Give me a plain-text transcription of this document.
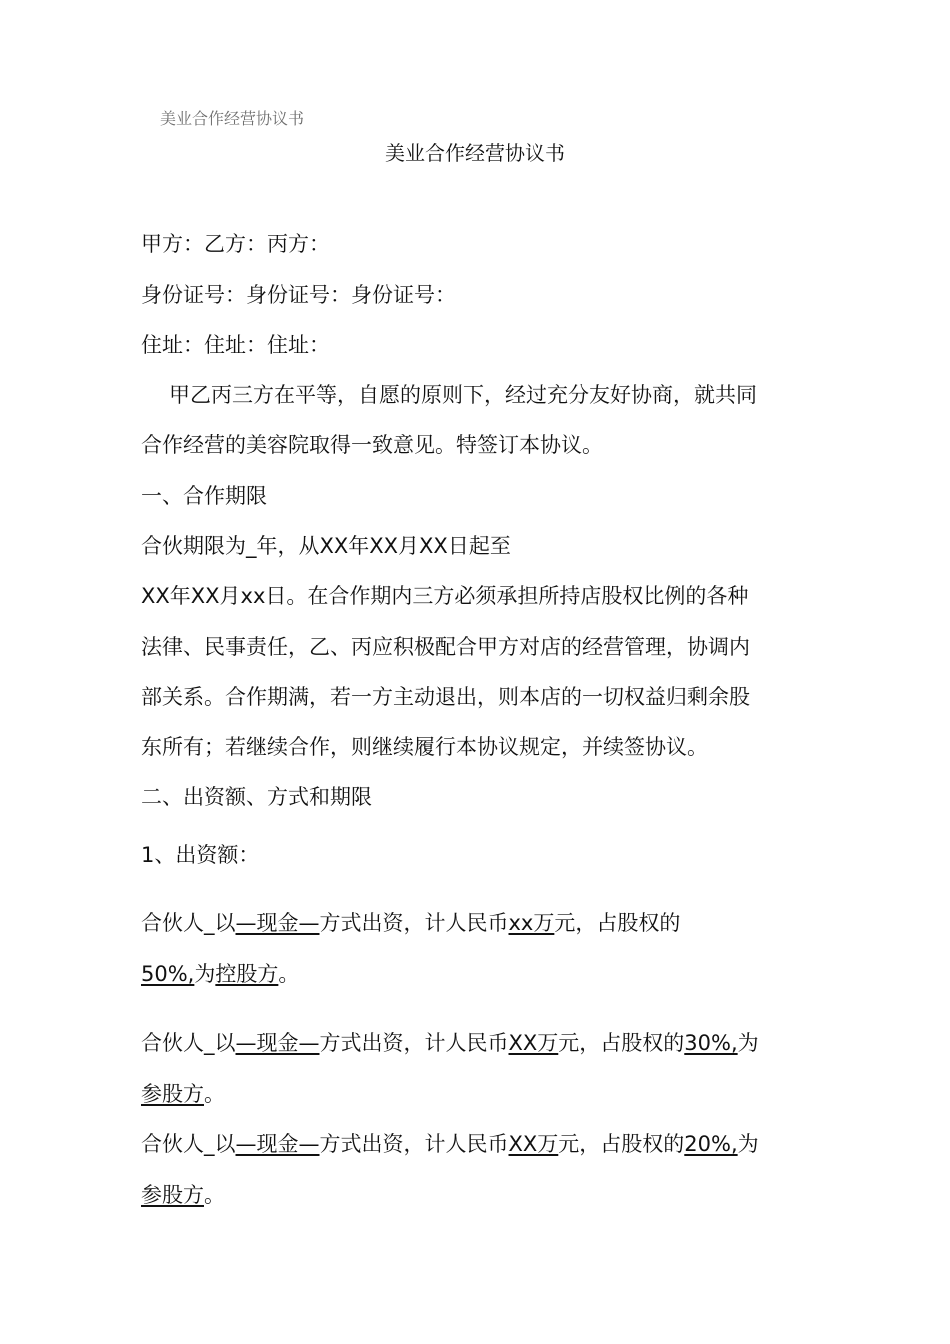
美业合作经营协议书
美业合作经营协议书
甲方：乙方：丙方：
身份证号：身份证号：身份证号：
住址：住址：住址：
甲乙丙三方在平等，自愿的原则下，经过充分友好协商，就共同
合作经营的美容院取得一致意见。特签订本协议。
一、合作期限
合伙期限为_年，从XX年XX月XX日起至
XX年XX月xx日。在合作期内三方必须承担所持店股权比例的各种
法律、民事责任，乙、丙应积极配合甲方对店的经营管理，协调内
部关系。合作期满，若一方主动退出，则本店的一切权益归剩余股
东所有；若继续合作，则继续履行本协议规定，并续签协议。
二、出资额、方式和期限
1、出资额：
合伙人_以—现金—方式出资，计人民币xx万元，占股权的
50%,为控股方。
合伙人_以—现金—方式出资，计人民币XX万元，占股权的30%,为
参股方。
合伙人_以—现金—方式出资，计人民币XX万元，占股权的20%,为
参股方。
